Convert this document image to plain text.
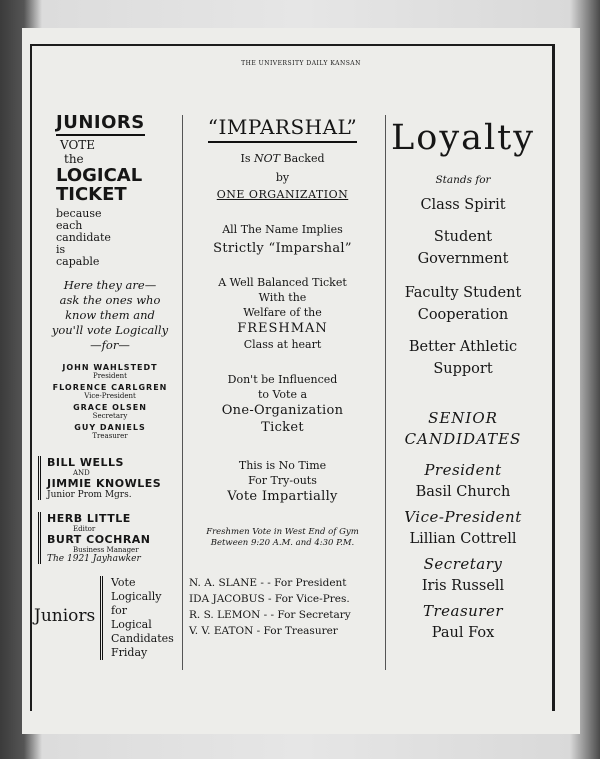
THE UNIVERSITY DAILY KANSAN
JUNIORS
VOTE
the
LOGICAL
TICKET
because
each
candidate
is
capable
Here they are—
ask the ones who
know them and
you'll vote Logically
—for—
JOHN WAHLSTEDT
President
FLORENCE CARLGREN
Vice-President
GRACE OLSEN
Secretary
GUY DANIELS
Treasurer
BILL WELLS
AND
JIMMIE KNOWLES
Junior Prom Mgrs.
HERB LITTLE
Editor
BURT COCHRAN
Business Manager
The 1921 Jayhawker
Juniors
Vote
Logically
for
Logical
Candidates
Friday
“IMPARSHAL”
Is NOT Backed
by
ONE ORGANIZATION
All The Name Implies
Strictly “Imparshal”
A Well Balanced Ticket
With the
Welfare of the
FRESHMAN
Class at heart
Don't be Influenced
to Vote a
One-Organization
Ticket
This is No Time
For Try-outs
Vote Impartially
Freshmen Vote in West End of Gym
Between 9:20 A.M. and 4:30 P.M.
N. A. SLANE - - For President
IDA JACOBUS - For Vice-Pres.
R. S. LEMON - - For Secretary
V. V. EATON - For Treasurer
Loyalty
Stands for
Class Spirit
Student
Government
Faculty Student
Cooperation
Better Athletic
Support
SENIOR
CANDIDATES
President
Basil Church
Vice-President
Lillian Cottrell
Secretary
Iris Russell
Treasurer
Paul Fox
